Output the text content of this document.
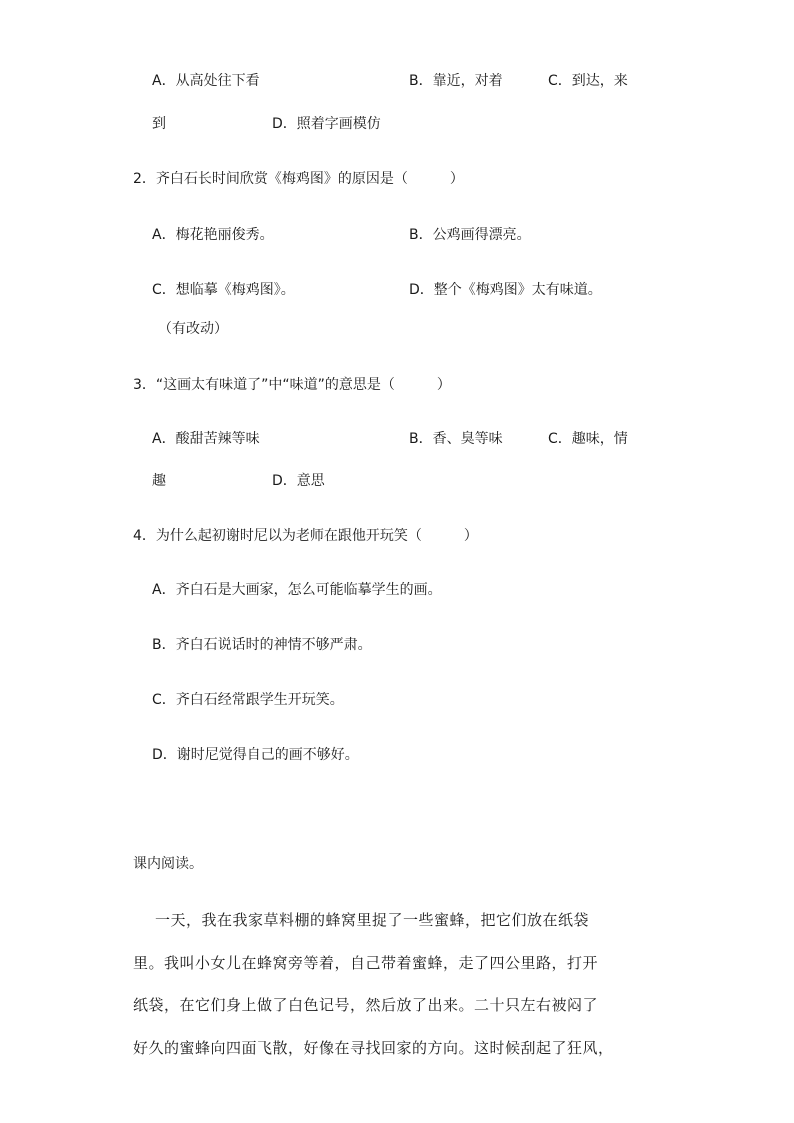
A．从高处往下看	B．靠近，对着	C．到达，来
到	D．照着字画模仿
2．齐白石长时间欣赏《梅鸡图》的原因是（　　　）
A．梅花艳丽俊秀。	B．公鸡画得漂亮。
C．想临摹《梅鸡图》。	D．整个《梅鸡图》太有味道。
（有改动）
3．“这画太有味道了”中“味道”的意思是（　　　）
A．酸甜苦辣等味	B．香、臭等味	C．趣味，情
趣	D．意思
4．为什么起初谢时尼以为老师在跟他开玩笑（　　　）
A．齐白石是大画家，怎么可能临摹学生的画。
B．齐白石说话时的神情不够严肃。
C．齐白石经常跟学生开玩笑。
D．谢时尼觉得自己的画不够好。
课内阅读。
一天，我在我家草料棚的蜂窝里捉了一些蜜蜂，把它们放在纸袋
里。我叫小女儿在蜂窝旁等着，自己带着蜜蜂，走了四公里路，打开
纸袋，在它们身上做了白色记号，然后放了出来。二十只左右被闷了
好久的蜜蜂向四面飞散，好像在寻找回家的方向。这时候刮起了狂风，
